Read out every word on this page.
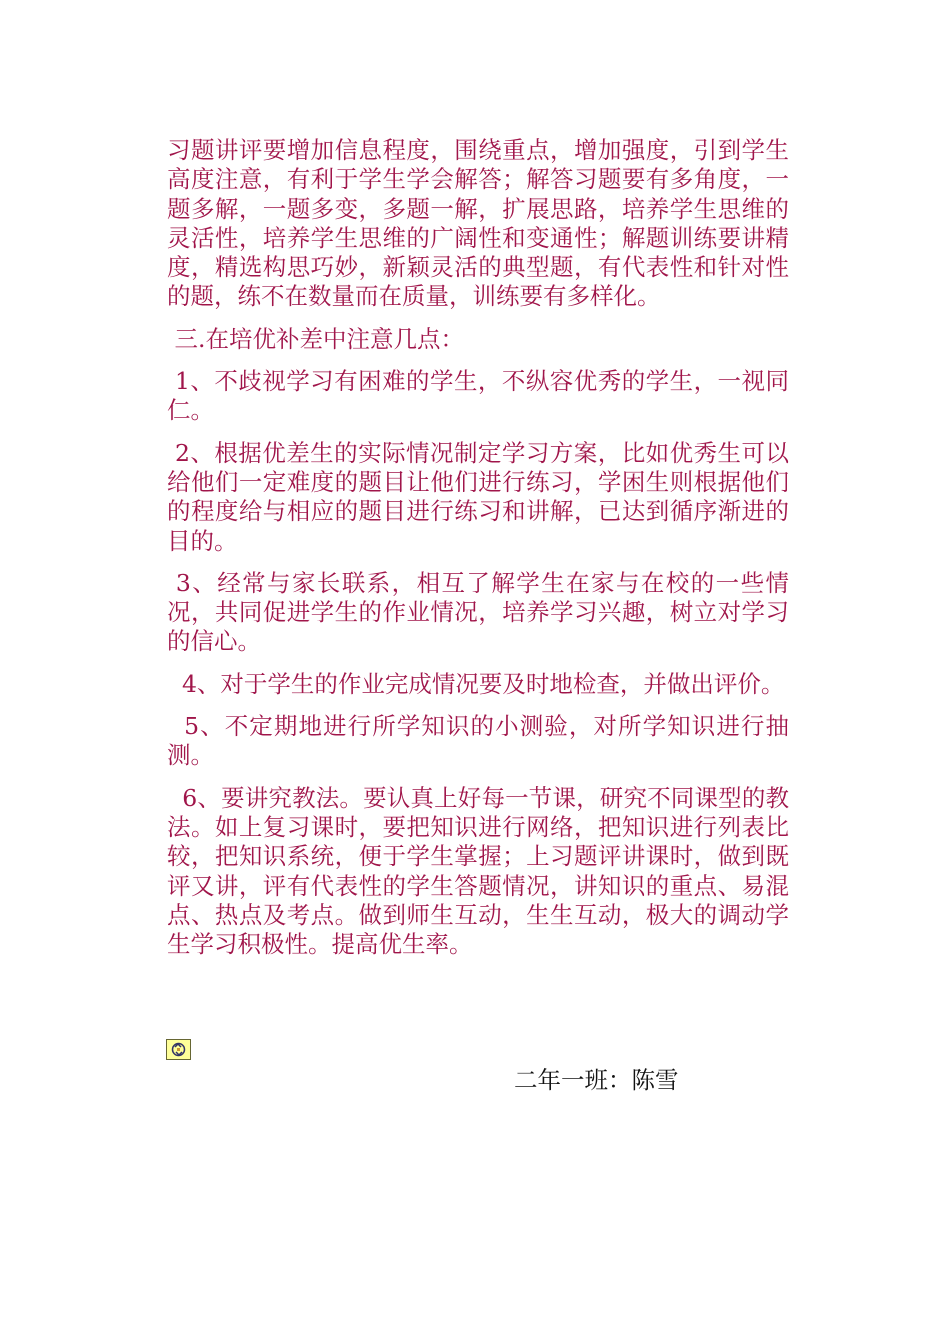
习题讲评要增加信息程度，围绕重点，增加强度，引到学生高度注意，有利于学生学会解答；解答习题要有多角度，一题多解，一题多变，多题一解，扩展思路，培养学生思维的灵活性，培养学生思维的广阔性和变通性；解题训练要讲精度，精选构思巧妙，新颖灵活的典型题，有代表性和针对性的题，练不在数量而在质量，训练要有多样化。

三.在培优补差中注意几点：

1、不歧视学习有困难的学生，不纵容优秀的学生，一视同仁。

2、根据优差生的实际情况制定学习方案，比如优秀生可以给他们一定难度的题目让他们进行练习，学困生则根据他们的程度给与相应的题目进行练习和讲解，已达到循序渐进的目的。

3、经常与家长联系，相互了解学生在家与在校的一些情况，共同促进学生的作业情况，培养学习兴趣，树立对学习的信心。

4、对于学生的作业完成情况要及时地检查，并做出评价。

5、不定期地进行所学知识的小测验，对所学知识进行抽测。

6、要讲究教法。要认真上好每一节课，研究不同课型的教法。如上复习课时，要把知识进行网络，把知识进行列表比较，把知识系统，便于学生掌握；上习题评讲课时，做到既评又讲，评有代表性的学生答题情况，讲知识的重点、易混点、热点及考点。做到师生互动，生生互动，极大的调动学生学习积极性。提高优生率。

二年一班：陈雪
